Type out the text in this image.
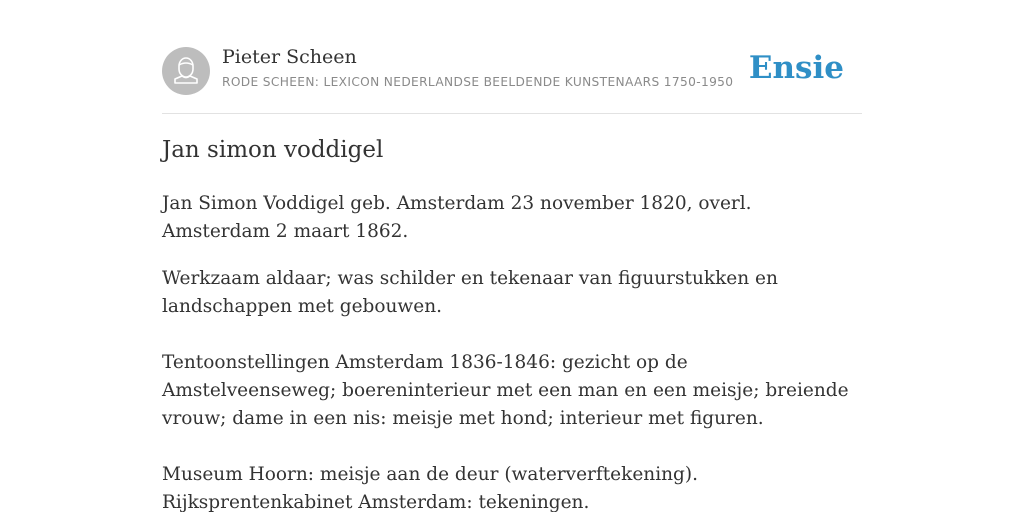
Pieter Scheen
RODE SCHEEN: LEXICON NEDERLANDSE BEELDENDE KUNSTENAARS 1750-1950 Ensie
Jan simon voddigel

Jan Simon Voddigel geb. Amsterdam 23 november 1820, overl. Amsterdam 2 maart 1862.

Werkzaam aldaar; was schilder en tekenaar van figuurstukken en landschappen met gebouwen.

Tentoonstellingen Amsterdam 1836-1846: gezicht op de Amstelveenseweg; boereninterieur met een man en een meisje; breiende vrouw; dame in een nis: meisje met hond; interieur met figuren.

Museum Hoorn: meisje aan de deur (waterverftekening). Rijksprentenkabinet Amsterdam: tekeningen.
